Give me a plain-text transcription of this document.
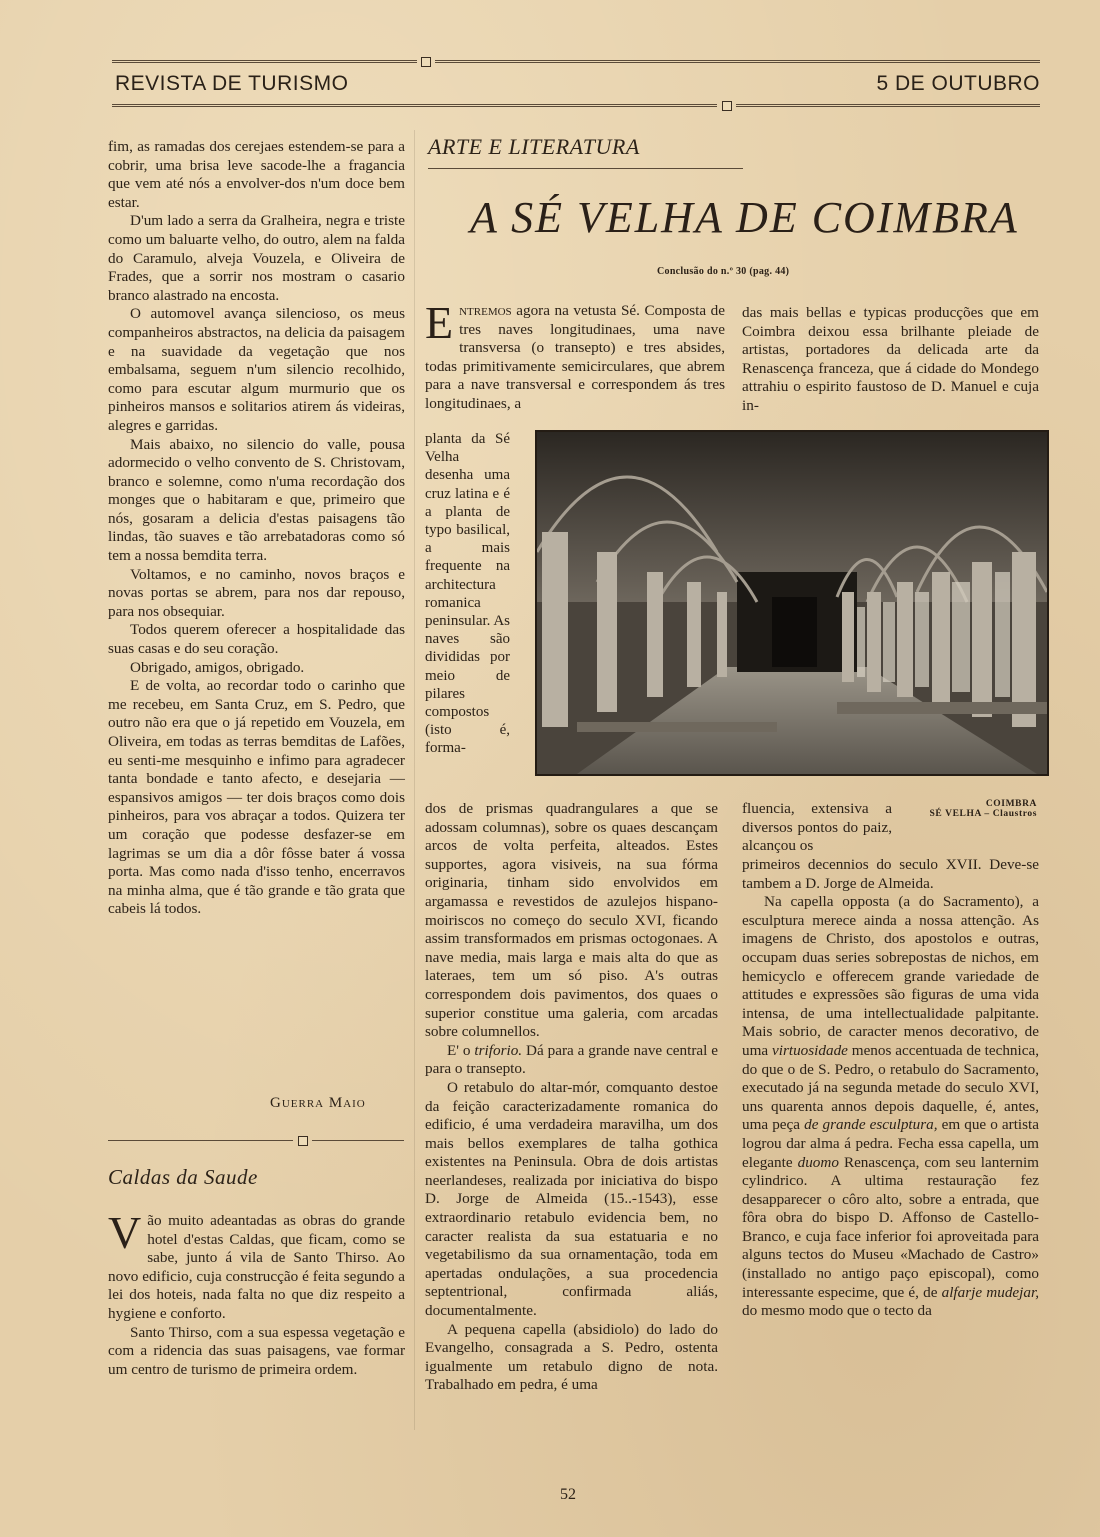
REVISTA DE TURISMO	5 DE OUTUBRO

fim, as ramadas dos cerejaes estendem-se para a cobrir, uma brisa leve sacode-lhe a fragancia que vem até nós a envolver-dos n'um doce bem estar.

D'um lado a serra da Gralheira, negra e triste como um baluarte velho, do outro, alem na falda do Caramulo, alveja Vouzela, e Oliveira de Frades, que a sorrir nos mostram o casario branco alastrado na encosta.

O automovel avança silencioso, os meus companheiros abstractos, na delicia da paisagem e na suavidade da vegetação que nos embalsama, seguem n'um silencio recolhido, como para escutar algum murmurio que os pinheiros mansos e solitarios atirem ás videiras, alegres e garridas.

Mais abaixo, no silencio do valle, pousa adormecido o velho convento de S. Christovam, branco e solemne, como n'uma recordação dos monges que o habitaram e que, primeiro que nós, gosaram a delicia d'estas paisagens tão lindas, tão suaves e tão arrebatadoras como só tem a nossa bemdita terra.

Voltamos, e no caminho, novos braços e novas portas se abrem, para nos dar repouso, para nos obsequiar.

Todos querem oferecer a hospitalidade das suas casas e do seu coração.

Obrigado, amigos, obrigado.

E de volta, ao recordar todo o carinho que me recebeu, em Santa Cruz, em S. Pedro, que outro não era que o já repetido em Vouzela, em Oliveira, em todas as terras bemditas de Lafões, eu senti-me mesquinho e infimo para agradecer tanta bondade e tanto afecto, e desejaria — espansivos amigos — ter dois braços como dois pinheiros, para vos abraçar a todos. Quizera ter um coração que podesse desfazer-se em lagrimas se um dia a dôr fôsse bater á vossa porta. Mas como nada d'isso tenho, encerravos na minha alma, que é tão grande e tão grata que cabeis lá todos.

Guerra Maio
Caldas da Saude

Vão muito adeantadas as obras do grande hotel d'estas Caldas, que ficam, como se sabe, junto á vila de Santo Thirso. Ao novo edificio, cuja construcção é feita segundo a lei dos hoteis, nada falta no que diz respeito a hygiene e conforto.

Santo Thirso, com a sua espessa vegetação e com a ridencia das suas paisagens, vae formar um centro de turismo de primeira ordem.

ARTE E LITERATURA
A SÉ VELHA DE COIMBRA
Conclusão do n.º 30 (pag. 44)

Entremos agora na vetusta Sé. Composta de tres naves longitudinaes, uma nave transversa (o transepto) e tres absides, todas primitivamente semicirculares, que abrem para a nave transversal e correspondem ás tres longitudinaes, a

das mais bellas e typicas producções que em Coimbra deixou essa brilhante pleiade de artistas, portadores da delicada arte da Renascença franceza, que á cidade do Mondego attrahiu o espirito faustoso de D. Manuel e cuja in-

planta da Sé Velha desenha uma cruz latina e é a planta de typo basilical, a mais frequente na architectura romanica peninsular. As naves são divididas por meio de pilares compostos (isto é, forma-

COIMBRA
SÉ VELHA – Claustros

dos de prismas quadrangulares a que se adossam columnas), sobre os quaes descançam arcos de volta perfeita, alteados. Estes supportes, agora visiveis, na sua fórma originaria, tinham sido envolvidos em argamassa e revestidos de azulejos hispano-moiriscos no começo do seculo XVI, ficando assim transformados em prismas octogonaes. A nave media, mais larga e mais alta do que as lateraes, tem um só piso. A's outras correspondem dois pavimentos, dos quaes o superior constitue uma galeria, com arcadas sobre columnellos.

E' o triforio. Dá para a grande nave central e para o transepto.

O retabulo do altar-mór, comquanto destoe da feição caracterizadamente romanica do edificio, é uma verdadeira maravilha, um dos mais bellos exemplares de talha gothica existentes na Peninsula. Obra de dois artistas neerlandeses, realizada por iniciativa do bispo D. Jorge de Almeida (15..-1543), esse extraordinario retabulo evidencia bem, no caracter realista da sua estatuaria e no vegetabilismo da sua ornamentação, toda em apertadas ondulações, a sua procedencia septentrional, confirmada aliás, documentalmente.

A pequena capella (absidiolo) do lado do Evangelho, consagrada a S. Pedro, ostenta igualmente um retabulo digno de nota. Trabalhado em pedra, é uma

fluencia, extensiva a diversos pontos do paiz, alcançou os

primeiros decennios do seculo XVII. Deve-se tambem a D. Jorge de Almeida.

Na capella opposta (a do Sacramento), a esculptura merece ainda a nossa attenção. As imagens de Christo, dos apostolos e outras, occupam duas series sobrepostas de nichos, em hemicyclo e offerecem grande variedade de attitudes e expressões são figuras de uma vida intensa, de uma intellectualidade palpitante. Mais sobrio, de caracter menos decorativo, de uma virtuosidade menos accentuada de technica, do que o de S. Pedro, o retabulo do Sacramento, executado já na segunda metade do seculo XVI, uns quarenta annos depois daquelle, é, antes, uma peça de grande esculptura, em que o artista logrou dar alma á pedra. Fecha essa capella, um elegante duomo Renascença, com seu lanternim cylindrico. A ultima restauração fez desapparecer o côro alto, sobre a entrada, que fôra obra do bispo D. Affonso de Castello-Branco, e cuja face inferior foi aproveitada para alguns tectos do Museu «Machado de Castro» (installado no antigo paço episcopal), como interessante especime, que é, de alfarje mudejar, do mesmo modo que o tecto da

52
